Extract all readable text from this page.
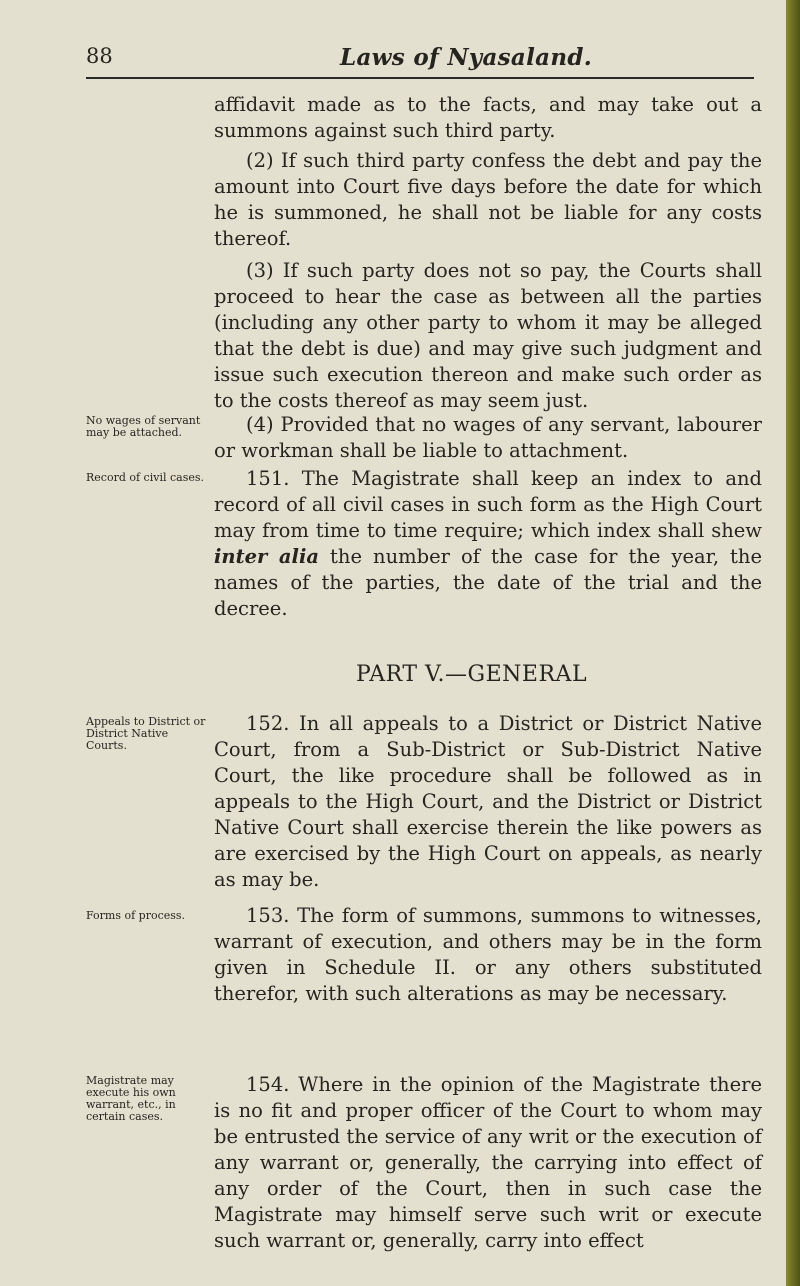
88	Laws of Nyasaland.

affidavit made as to the facts, and may take out a summons against such third party.

(2) If such third party confess the debt and pay the amount into Court five days before the date for which he is summoned, he shall not be liable for any costs thereof.

(3) If such party does not so pay, the Courts shall proceed to hear the case as between all the parties (including any other party to whom it may be alleged that the debt is due) and may give such judgment and issue such execution thereon and make such order as to the costs thereof as may seem just.

No wages of servant may be attached.	(4) Provided that no wages of any servant, labourer or workman shall be liable to attachment.

Record of civil cases.	151. The Magistrate shall keep an index to and record of all civil cases in such form as the High Court may from time to time require; which index shall shew inter alia the number of the case for the year, the names of the parties, the date of the trial and the decree.

PART V.—GENERAL
Appeals to District or District Native Courts.

152. In all appeals to a District or District Native Court, from a Sub-District or Sub-District Native Court, the like procedure shall be followed as in appeals to the High Court, and the District or District Native Court shall exercise therein the like powers as are exercised by the High Court on appeals, as nearly as may be.

Forms of process.	153. The form of summons, summons to witnesses, warrant of execution, and others may be in the form given in Schedule II. or any others substituted therefor, with such alterations as may be necessary.

Magistrate may execute his own warrant, etc., in certain cases.

154. Where in the opinion of the Magistrate there is no fit and proper officer of the Court to whom may be entrusted the service of any writ or the execution of any warrant or, generally, the carrying into effect of any order of the Court, then in such case the Magistrate may himself serve such writ or execute such warrant or, generally, carry into effect
